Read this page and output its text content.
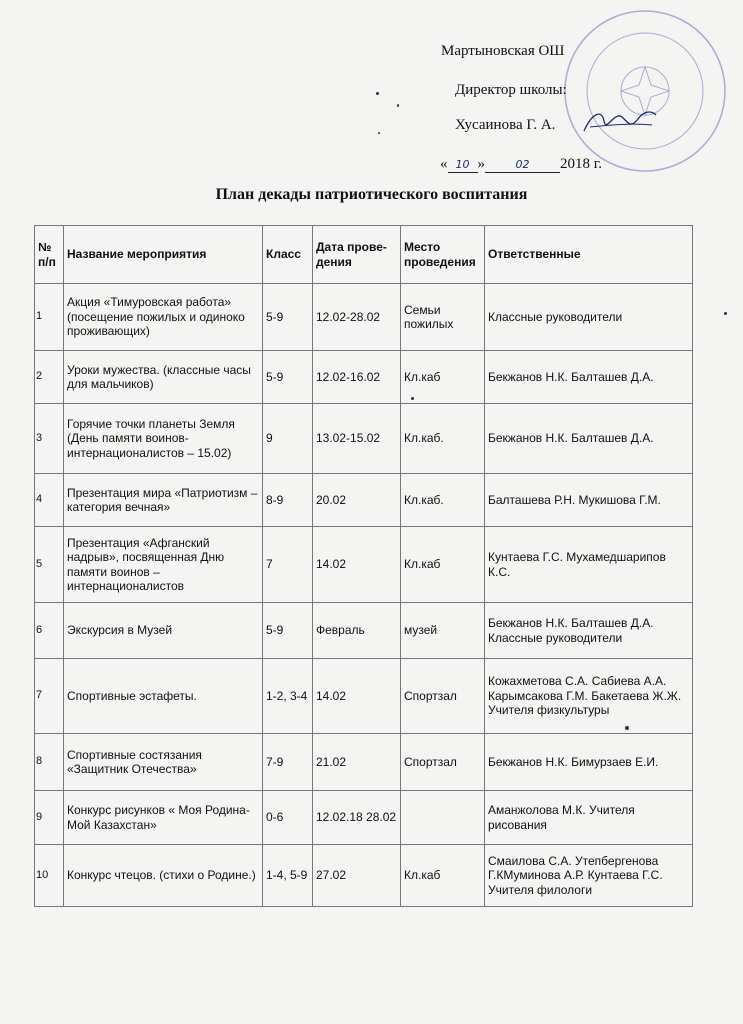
Мартыновская ОШ
Директор школы:
Хусаинова Г. А.
« 10 »	02 2018 г.
План декады патриотического воспитания
№ п/п	Название мероприятия	Класс	Дата прове-дения	Место проведения	Ответственные
1	Акция «Тимуровская работа» (посещение пожилых и одиноко проживающих)	5-9	12.02-28.02	Семьи пожилых	Классные руководители
2	Уроки мужества. (классные часы для мальчиков)	5-9	12.02-16.02	Кл.каб	Бекжанов Н.К. Балташев Д.А.
3	Горячие точки планеты Земля (День памяти воинов-интернационалистов – 15.02)	9	13.02-15.02	Кл.каб.	Бекжанов Н.К. Балташев Д.А.
4	Презентация мира «Патриотизм – категория вечная»	8-9	20.02	Кл.каб.	Балташева Р.Н. Мукишова Г.М.
5	Презентация «Афганский надрыв», посвященная Дню памяти воинов – интернационалистов	7	14.02	Кл.каб	Кунтаева Г.С. Мухамедшарипов К.С.
6	Экскурсия в Музей	5-9	Февраль	музей	Бекжанов Н.К. Балташев Д.А. Классные руководители
7	Спортивные эстафеты.	1-2, 3-4	14.02	Спортзал	Кожахметова С.А. Сабиева А.А. Карымсакова Г.М. Бакетаева Ж.Ж. Учителя физкультуры
8	Спортивные состязания «Защитник Отечества»	7-9	21.02	Спортзал	Бекжанов Н.К. Бимурзаев Е.И.
9	Конкурс рисунков « Моя Родина-Мой Казахстан»	0-6	12.02.18 28.02		Аманжолова М.К. Учителя рисования
10	Конкурс чтецов. (стихи о Родине.)	1-4, 5-9	27.02	Кл.каб	Смаилова С.А. Утепбергенова Г.КМуминова А.Р. Кунтаева Г.С. Учителя филологи
